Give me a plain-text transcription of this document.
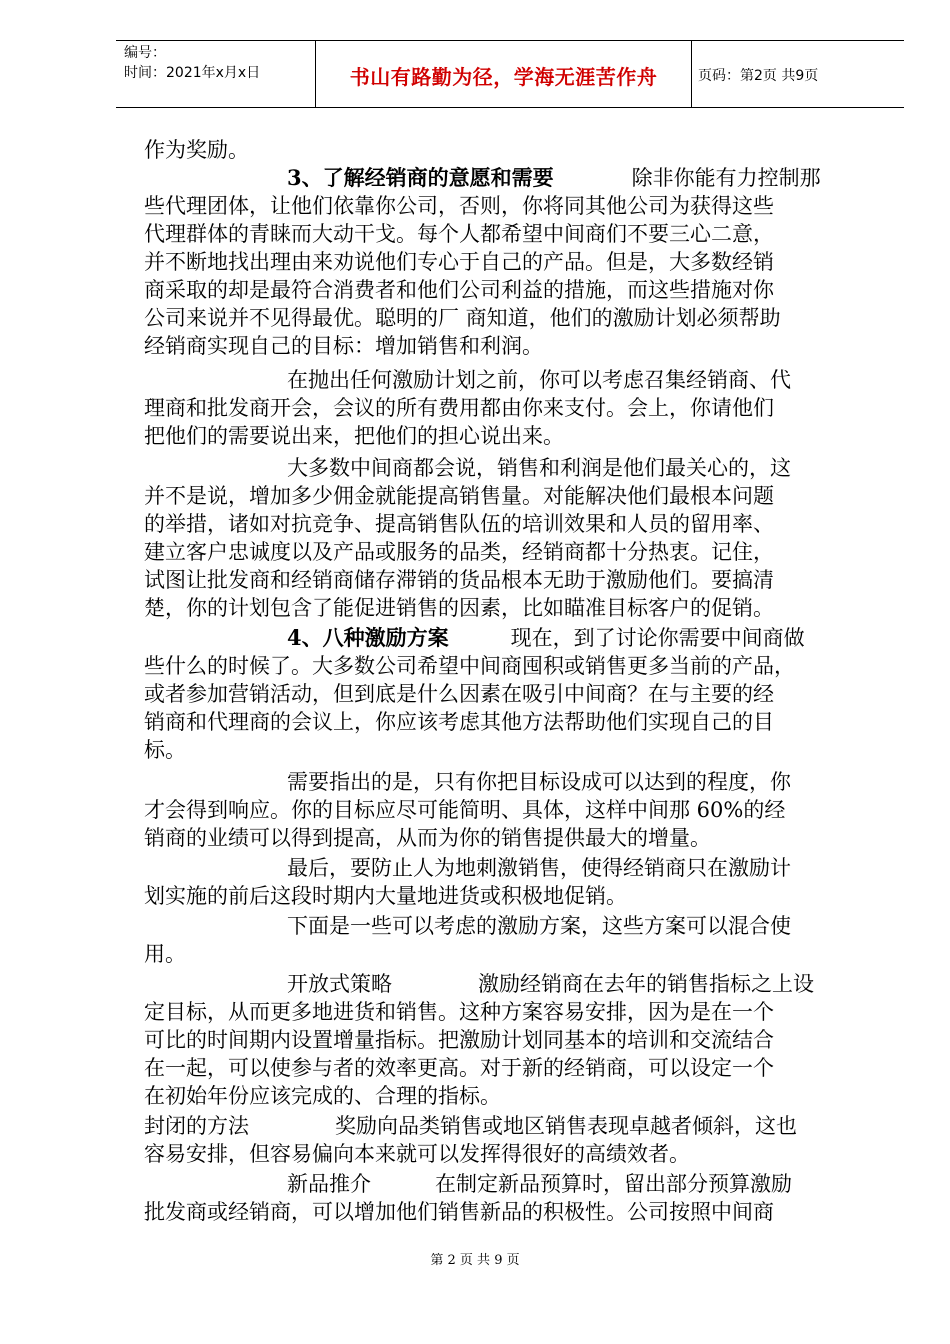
编号：
时间：2021年x月x日	书山有路勤为径，学海无涯苦作舟	页码：第2页 共9页
作为奖励。
3、了解经销商的意愿和需要	除非你能有力控制那
些代理团体，让他们依靠你公司，否则，你将同其他公司为获得这些
代理群体的青睐而大动干戈。每个人都希望中间商们不要三心二意，
并不断地找出理由来劝说他们专心于自己的产品。但是，大多数经销
商采取的却是最符合消费者和他们公司利益的措施，而这些措施对你
公司来说并不见得最优。聪明的厂 商知道，他们的激励计划必须帮助
经销商实现自己的目标：增加销售和利润。
在抛出任何激励计划之前，你可以考虑召集经销商、代
理商和批发商开会，会议的所有费用都由你来支付。会上，你请他们
把他们的需要说出来，把他们的担心说出来。
大多数中间商都会说，销售和利润是他们最关心的，这
并不是说，增加多少佣金就能提高销售量。对能解决他们最根本问题
的举措，诸如对抗竞争、提高销售队伍的培训效果和人员的留用率、
建立客户忠诚度以及产品或服务的品类，经销商都十分热衷。记住，
试图让批发商和经销商储存滞销的货品根本无助于激励他们。要搞清
楚，你的计划包含了能促进销售的因素，比如瞄准目标客户的促销。
4、八种激励方案	现在，到了讨论你需要中间商做
些什么的时候了。大多数公司希望中间商囤积或销售更多当前的产品，
或者参加营销活动，但到底是什么因素在吸引中间商？在与主要的经
销商和代理商的会议上，你应该考虑其他方法帮助他们实现自己的目
标。
需要指出的是，只有你把目标设成可以达到的程度，你
才会得到响应。你的目标应尽可能简明、具体，这样中间那 60%的经
销商的业绩可以得到提高，从而为你的销售提供最大的增量。
最后，要防止人为地刺激销售，使得经销商只在激励计
划实施的前后这段时期内大量地进货或积极地促销。
下面是一些可以考虑的激励方案，这些方案可以混合使
用。
开放式策略	激励经销商在去年的销售指标之上设
定目标，从而更多地进货和销售。这种方案容易安排，因为是在一个
可比的时间期内设置增量指标。把激励计划同基本的培训和交流结合
在一起，可以使参与者的效率更高。对于新的经销商，可以设定一个
在初始年份应该完成的、合理的指标。
封闭的方法	奖励向品类销售或地区销售表现卓越者倾斜，这也
容易安排，但容易偏向本来就可以发挥得很好的高绩效者。
新品推介	在制定新品预算时，留出部分预算激励
批发商或经销商，可以增加他们销售新品的积极性。公司按照中间商
第 2 页 共 9 页
